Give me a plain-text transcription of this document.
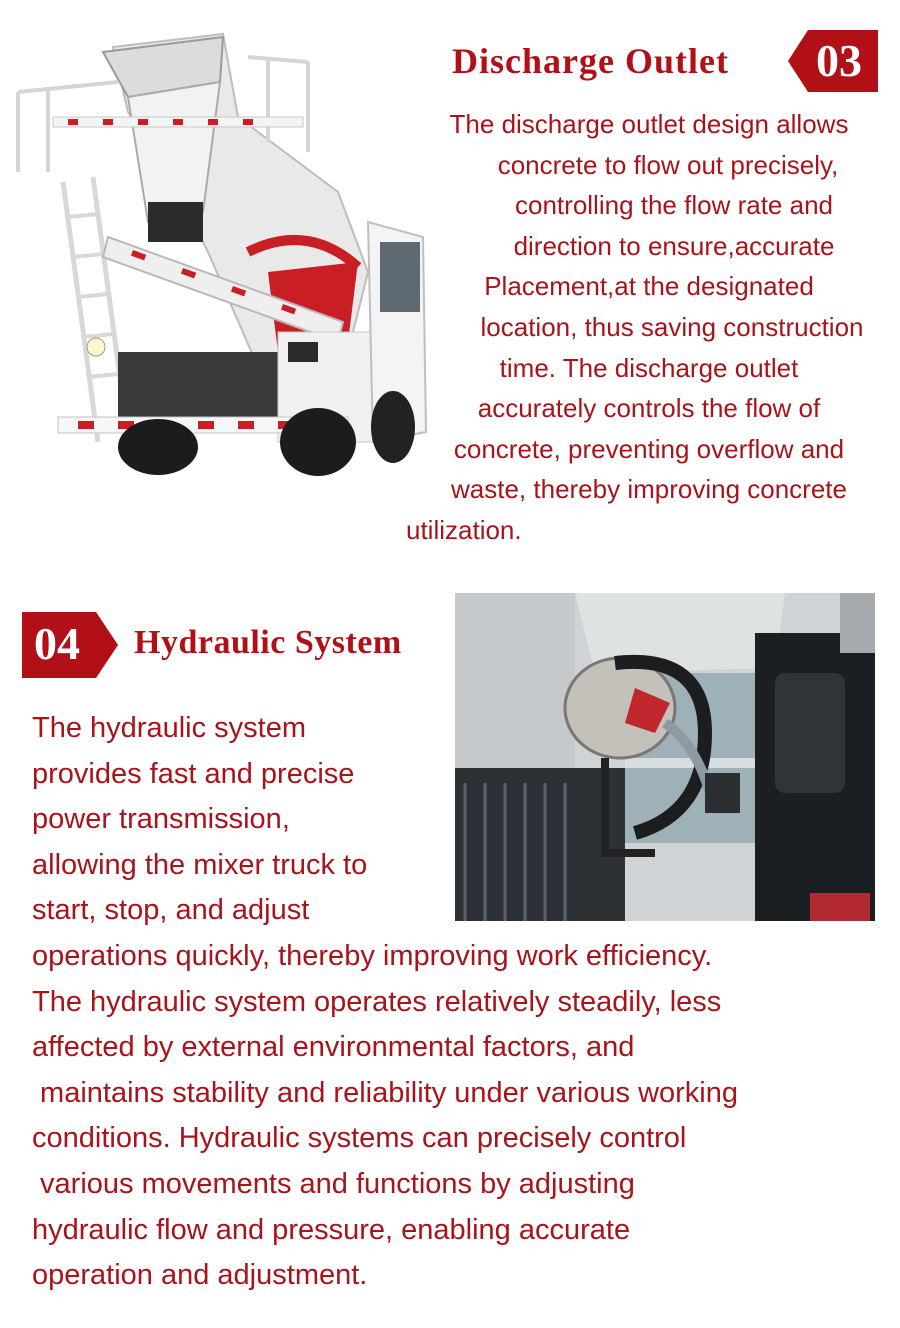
Discharge Outlet 03
The discharge outlet design allows
concrete to flow out precisely,
controlling the flow rate and
direction to ensure,accurate
Placement,at the designated
location, thus saving construction
time. The discharge outlet
accurately controls the flow of
concrete, preventing overflow and
waste, thereby improving concrete
utilization.
04 Hydraulic System
The hydraulic system
provides fast and precise
power transmission,
allowing the mixer truck to
start, stop, and adjust
operations quickly, thereby improving work efficiency.
The hydraulic system operates relatively steadily, less
affected by external environmental factors, and
maintains stability and reliability under various working
conditions. Hydraulic systems can precisely control
various movements and functions by adjusting
hydraulic flow and pressure, enabling accurate
operation and adjustment.
